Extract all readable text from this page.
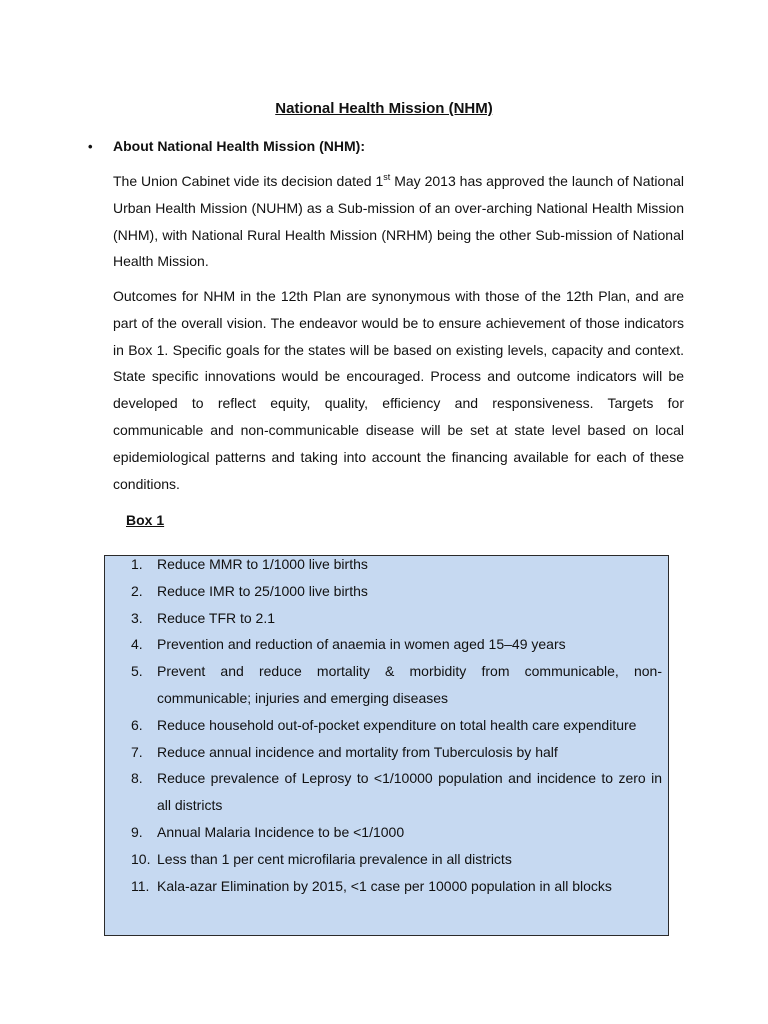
National Health Mission (NHM)
•	About National Health Mission (NHM):

The Union Cabinet vide its decision dated 1st May 2013 has approved the launch of National Urban Health Mission (NUHM) as a Sub-mission of an over-arching National Health Mission (NHM), with National Rural Health Mission (NRHM) being the other Sub-mission of National Health Mission.

Outcomes for NHM in the 12th Plan are synonymous with those of the 12th Plan, and are part of the overall vision. The endeavor would be to ensure achievement of those indicators in Box 1. Specific goals for the states will be based on existing levels, capacity and context. State specific innovations would be encouraged. Process and outcome indicators will be developed to reflect equity, quality, efficiency and responsiveness. Targets for communicable and non-communicable disease will be set at state level based on local epidemiological patterns and taking into account the financing available for each of these conditions.

Box 1
1.	Reduce MMR to 1/1000 live births
2.	Reduce IMR to 25/1000 live births
3.	Reduce TFR to 2.1
4.	Prevention and reduction of anaemia in women aged 15–49 years
5.	Prevent and reduce mortality & morbidity from communicable, non-communicable; injuries and emerging diseases
6.	Reduce household out-of-pocket expenditure on total health care expenditure
7.	Reduce annual incidence and mortality from Tuberculosis by half
8.	Reduce prevalence of Leprosy to <1/10000 population and incidence to zero in all districts
9.	Annual Malaria Incidence to be <1/1000
10. Less than 1 per cent microfilaria prevalence in all districts
11. Kala-azar Elimination by 2015, <1 case per 10000 population in all blocks
